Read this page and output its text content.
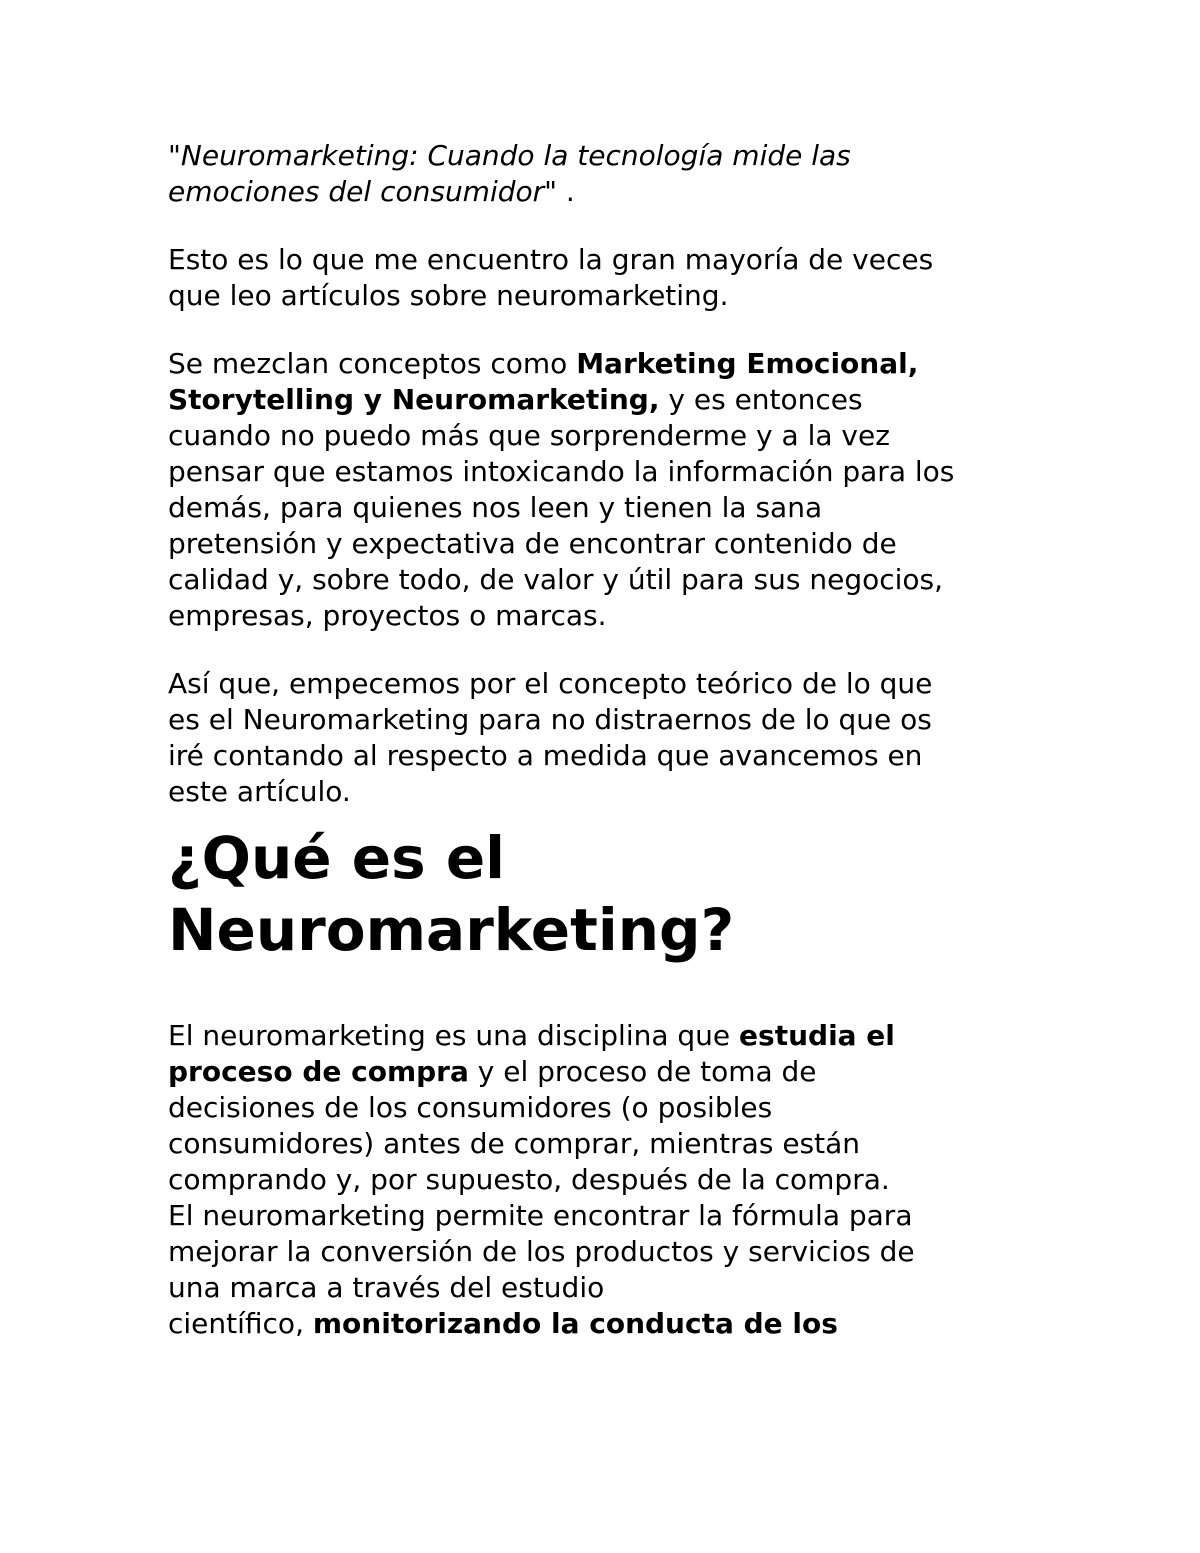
"Neuromarketing: Cuando la tecnología mide las
emociones del consumidor" .
Esto es lo que me encuentro la gran mayoría de veces
que leo artículos sobre neuromarketing.
Se mezclan conceptos como Marketing Emocional,
Storytelling y Neuromarketing, y es entonces
cuando no puedo más que sorprenderme y a la vez
pensar que estamos intoxicando la información para los
demás, para quienes nos leen y tienen la sana
pretensión y expectativa de encontrar contenido de
calidad y, sobre todo, de valor y útil para sus negocios,
empresas, proyectos o marcas.
Así que, empecemos por el concepto teórico de lo que
es el Neuromarketing para no distraernos de lo que os
iré contando al respecto a medida que avancemos en
este artículo.
¿Qué es el
Neuromarketing?
El neuromarketing es una disciplina que estudia el
proceso de compra y el proceso de toma de
decisiones de los consumidores (o posibles
consumidores) antes de comprar, mientras están
comprando y, por supuesto, después de la compra.
El neuromarketing permite encontrar la fórmula para
mejorar la conversión de los productos y servicios de
una marca a través del estudio
científico, monitorizando la conducta de los
